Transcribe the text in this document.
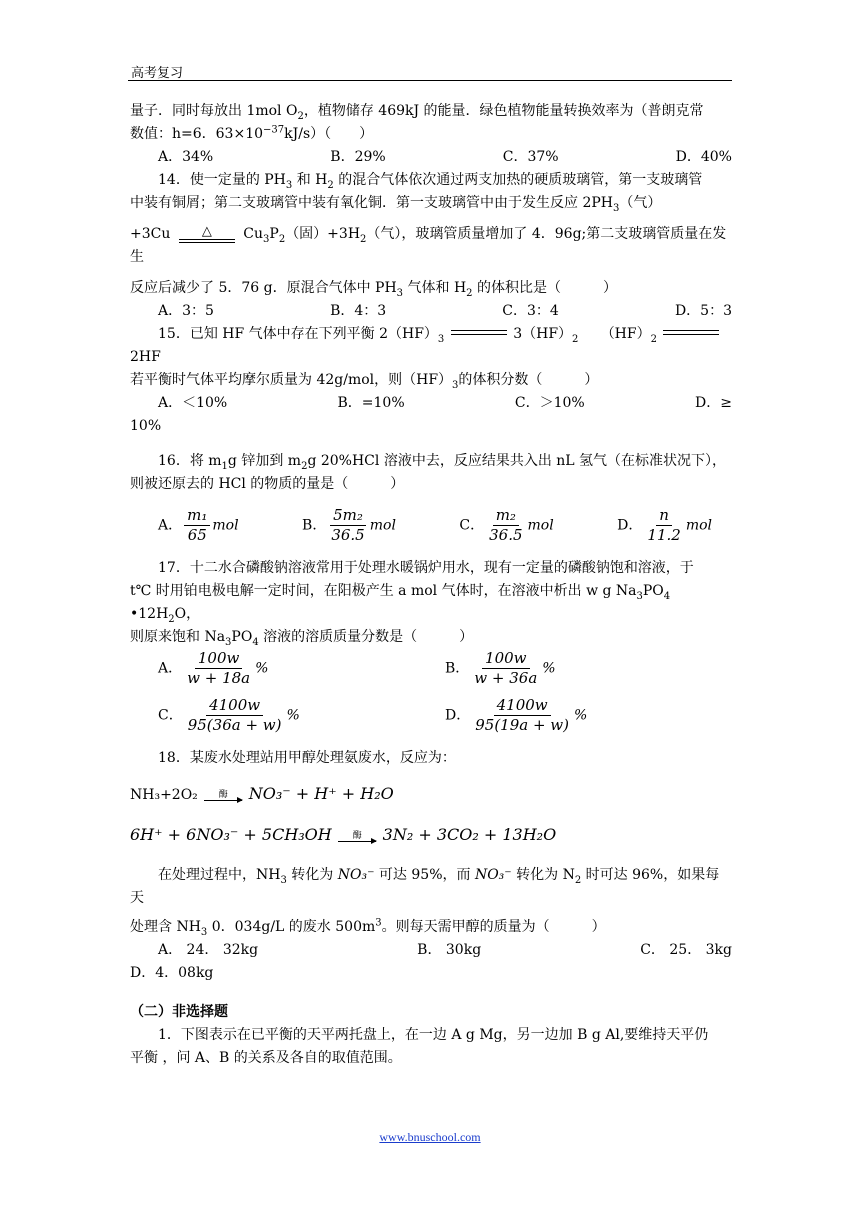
高考复习

量子．同时每放出 1mol $O_2$，植物储存 469kJ 的能量．绿色植物能量转换效率为（普朗克常

数值：h=6．$63\times 10^{-37}kJ/s$）（　　）

A．34%	B．29%	C．37%	D．40%

14．使一定量的 $PH_3$ 和 $H_2$ 的混合气体依次通过两支加热的硬质玻璃管，第一支玻璃管

中装有铜屑；第二支玻璃管中装有氧化铜．第一支玻璃管中由于发生反应 $2PH_3$（气）

+3Cu △ $Cu_3P_2$（固）$+3H_2$（气），玻璃管质量增加了 4．96g;第二支玻璃管质量在发 生

反应后减少了 5．76 g．原混合气体中 $PH_3$ 气体和 $H_2$ 的体积比是（　　　）

A．3：5	B．4：3	C．3：4	D．5：3

15．已知 HF 气体中存在下列平衡 $2(HF)_3$	$3(HF)_2$ $(HF)_2$
2HF

若平衡时气体平均摩尔质量为 42g/mol，则$(HF)_3$的体积分数（　　　）

A．＜10%	B．=10%	C．＞10%	D．≥

10%

16．将 $m_1g$ 锌加到 $m_2g$ 20%HCl 溶液中去，反应结果共入出 nL 氢气（在标准状况下），

则被还原去的 HCl 的物质的量是（　　　）

A． $\frac{\text{m₁}}{65}$ mol	B． $\frac{\text{5m₂}}{36.5}$ mol	C． $\frac{\text{m₂}}{36.5}$ mol	D． $\frac{n}{11.2}$ mol

17．十二水合磷酸钠溶液常用于处理水暖锅炉用水，现有一定量的磷酸钠饱和溶液，于

t℃ 时用铂电极电解一定时间，在阳极产生 a mol 气体时，在溶液中析出 w g $Na_3PO_4$ $•12H_2O$，

则原来饱和 $Na_3PO_4$ 溶液的溶质质量分数是（　　　）

A． $\frac{100w}{w + 18a}$ %	B． $\frac{100w}{w + 36a}$ %
C． $\frac{4100w}{95(36a + w)}$ %	D． $\frac{4100w}{95(19a + w)}$ %

18．某废水处理站用甲醇处理氨废水，反应为：

NH₃+2O₂ 酶 NO₃⁻ + H⁺ + H₂O

6H⁺ + 6NO₃⁻ + 5CH₃OH 酶 3N₂ + 3CO₂ + 13H₂O

在处理过程中，$NH_3$ 转化为 NO₃⁻ 可达 95%，而 NO₃⁻ 转化为 $N_2$ 时可达 96%，如果每天

处理含 $NH_3$ 0．034g/L 的废水 $500m^3$。则每天需甲醇的质量为（　　　）

A． 24． 32kg	B． 30kg	C． 25． 3kg

D．4．08kg

（二）非选择题

1．下图表示在已平衡的天平两托盘上，在一边 A g Mg，另一边加 B g Al,要维持天平仍

平衡 ，问 A、B 的关系及各自的取值范围。

www.bnuschool.com
